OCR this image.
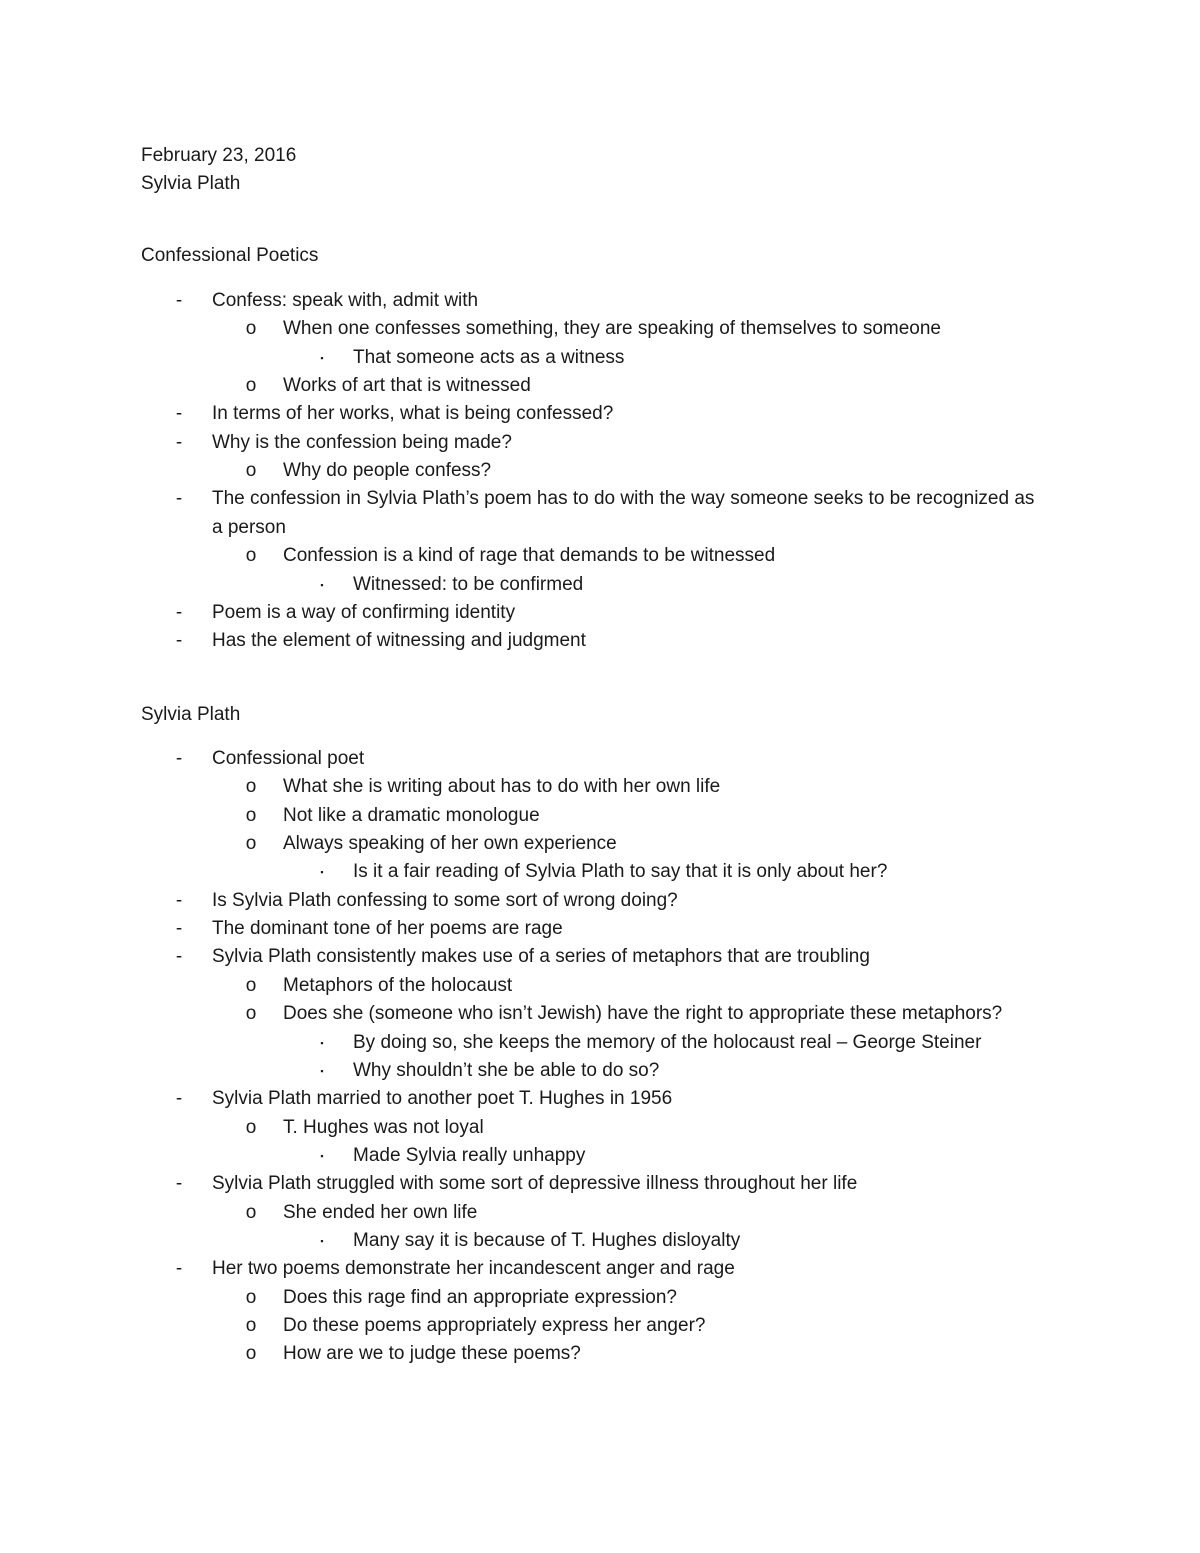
February 23, 2016
Sylvia Plath
Confessional Poetics
-	Confess: speak with, admit with
o When one confesses something, they are speaking of themselves to someone
▪	That someone acts as a witness
o Works of art that is witnessed
-	In terms of her works, what is being confessed?
-	Why is the confession being made?
o Why do people confess?
-	The confession in Sylvia Plath’s poem has to do with the way someone seeks to be recognized as
a person
o Confession is a kind of rage that demands to be witnessed
▪	Witnessed: to be confirmed
-	Poem is a way of confirming identity
-	Has the element of witnessing and judgment
Sylvia Plath
-	Confessional poet
o What she is writing about has to do with her own life
o Not like a dramatic monologue
o Always speaking of her own experience
▪	Is it a fair reading of Sylvia Plath to say that it is only about her?
-	Is Sylvia Plath confessing to some sort of wrong doing?
-	The dominant tone of her poems are rage
-	Sylvia Plath consistently makes use of a series of metaphors that are troubling
o Metaphors of the holocaust
o Does she (someone who isn’t Jewish) have the right to appropriate these metaphors?
▪	By doing so, she keeps the memory of the holocaust real – George Steiner
▪	Why shouldn’t she be able to do so?
-	Sylvia Plath married to another poet T. Hughes in 1956
o T. Hughes was not loyal
▪	Made Sylvia really unhappy
-	Sylvia Plath struggled with some sort of depressive illness throughout her life
o She ended her own life
▪	Many say it is because of T. Hughes disloyalty
-	Her two poems demonstrate her incandescent anger and rage
o Does this rage find an appropriate expression?
o Do these poems appropriately express her anger?
o How are we to judge these poems?
